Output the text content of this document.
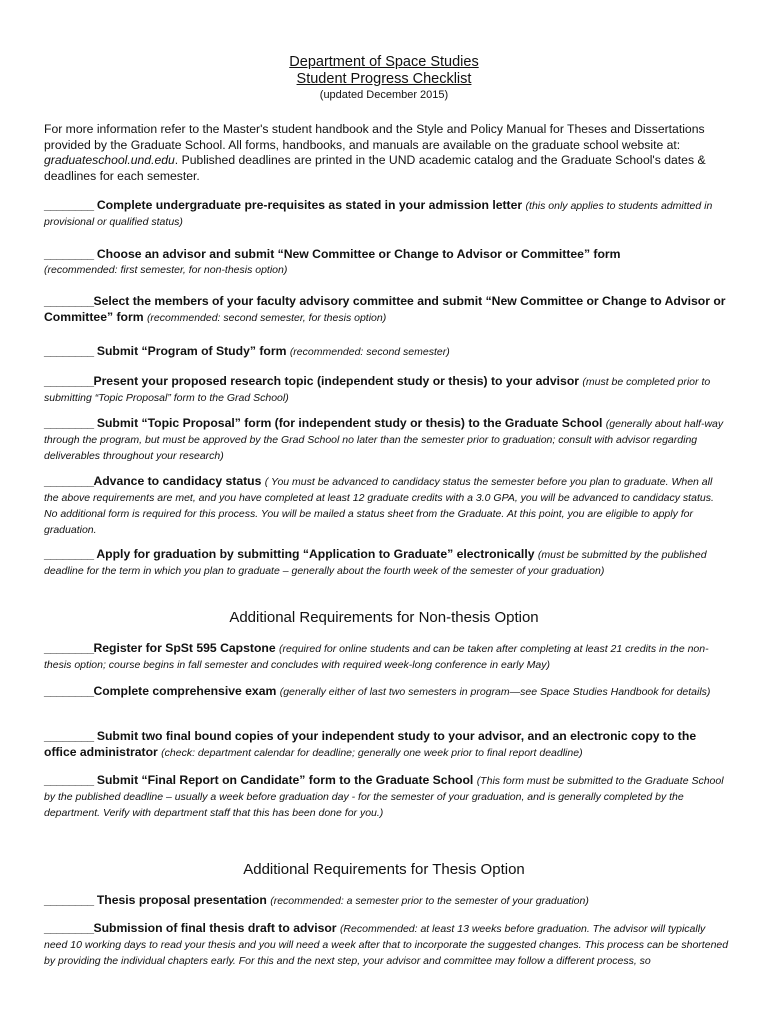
Department of Space Studies
Student Progress Checklist
(updated December 2015)
For more information refer to the Master's student handbook and the Style and Policy Manual for Theses and Dissertations provided by the Graduate School. All forms, handbooks, and manuals are available on the graduate school website at: graduateschool.und.edu. Published deadlines are printed in the UND academic catalog and the Graduate School's dates & deadlines for each semester.
________ Complete undergraduate pre-requisites as stated in your admission letter (this only applies to students admitted in provisional or qualified status)
________ Choose an advisor and submit “New Committee or Change to Advisor or Committee” form
(recommended: first semester, for non-thesis option)
________Select the members of your faculty advisory committee and submit “New Committee or Change to Advisor or Committee” form (recommended: second semester, for thesis option)
________ Submit “Program of Study” form (recommended: second semester)
________Present your proposed research topic (independent study or thesis) to your advisor (must be completed prior to submitting “Topic Proposal” form to the Grad School)
________ Submit “Topic Proposal” form (for independent study or thesis) to the Graduate School (generally about half-way through the program, but must be approved by the Grad School no later than the semester prior to graduation; consult with advisor regarding deliverables throughout your research)
________Advance to candidacy status ( You must be advanced to candidacy status the semester before you plan to graduate. When all the above requirements are met, and you have completed at least 12 graduate credits with a 3.0 GPA, you will be advanced to candidacy status. No additional form is required for this process. You will be mailed a status sheet from the Graduate. At this point, you are eligible to apply for graduation.
________ Apply for graduation by submitting “Application to Graduate” electronically (must be submitted by the published deadline for the term in which you plan to graduate – generally about the fourth week of the semester of your graduation)
Additional Requirements for Non-thesis Option
________Register for SpSt 595 Capstone (required for online students and can be taken after completing at least 21 credits in the non-thesis option; course begins in fall semester and concludes with required week-long conference in early May)
________Complete comprehensive exam (generally either of last two semesters in program—see Space Studies Handbook for details)
________ Submit two final bound copies of your independent study to your advisor, and an electronic copy to the office administrator (check: department calendar for deadline; generally one week prior to final report deadline)
________ Submit “Final Report on Candidate” form to the Graduate School (This form must be submitted to the Graduate School by the published deadline – usually a week before graduation day - for the semester of your graduation, and is generally completed by the department. Verify with department staff that this has been done for you.)
Additional Requirements for Thesis Option
________ Thesis proposal presentation (recommended: a semester prior to the semester of your graduation)
________Submission of final thesis draft to advisor (Recommended: at least 13 weeks before graduation. The advisor will typically need 10 working days to read your thesis and you will need a week after that to incorporate the suggested changes. This process can be shortened by providing the individual chapters early. For this and the next step, your advisor and committee may follow a different process, so
